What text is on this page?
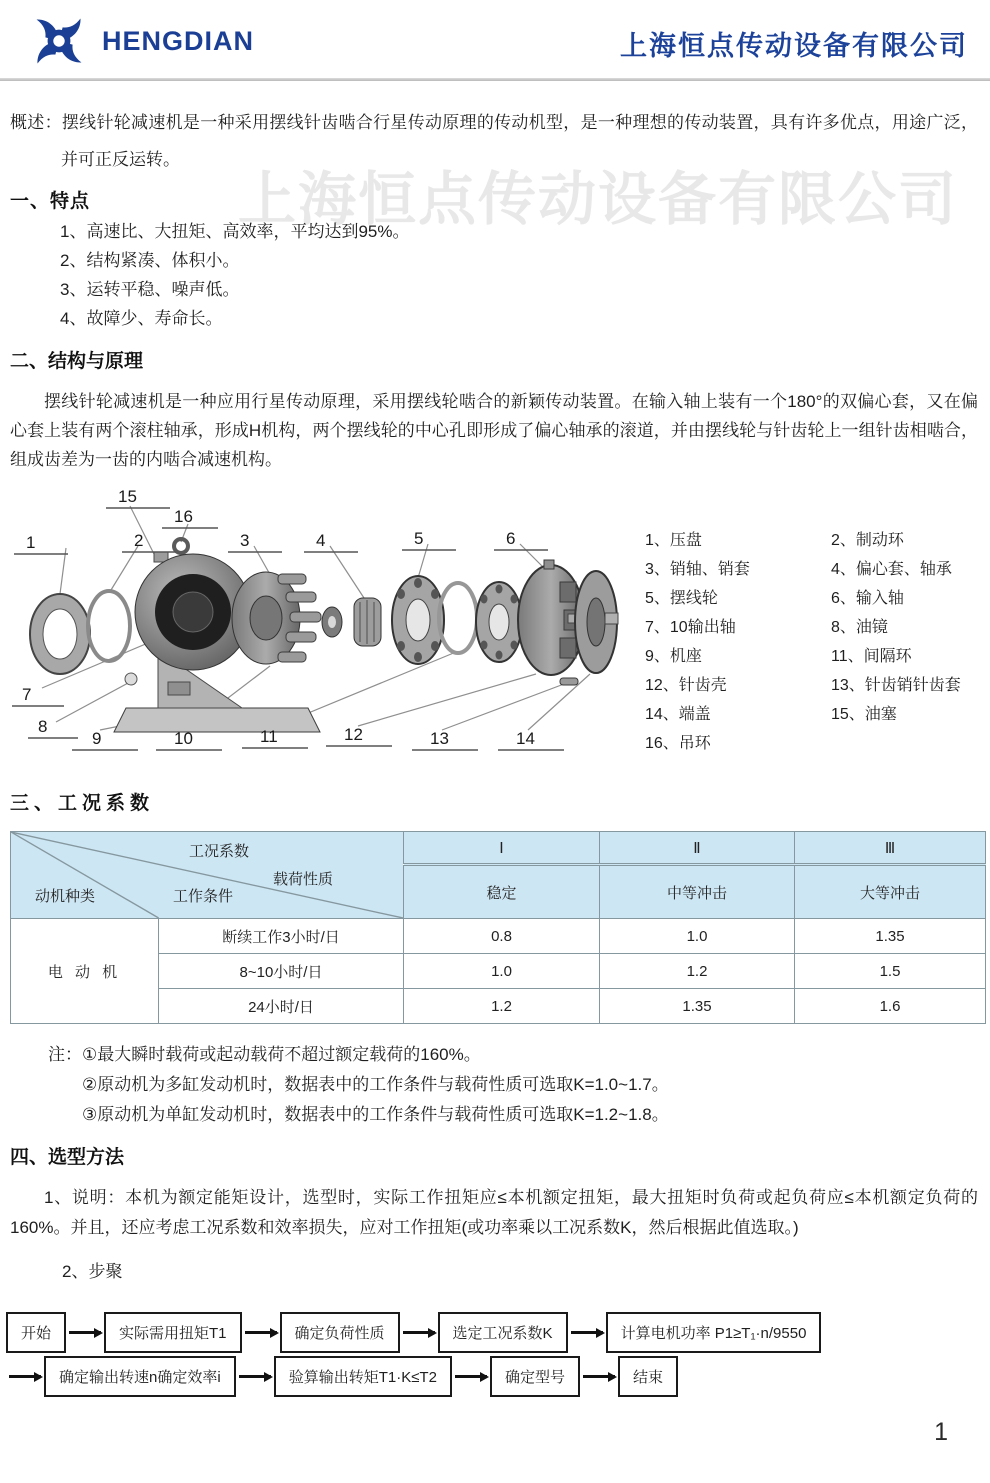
HENGDIAN	上海恒点传动设备有限公司
上海恒点传动设备有限公司

概述：摆线针轮减速机是一种采用摆线针齿啮合行星传动原理的传动机型，是一种理想的传动装置，具有许多优点，用途广泛，并可正反运转。

一、特点
1、高速比、大扭矩、高效率，平均达到95%。
2、结构紧凑、体积小。
3、运转平稳、噪声低。
4、故障少、寿命长。
二、结构与原理

摆线针轮减速机是一种应用行星传动原理，采用摆线轮啮合的新颖传动装置。在输入轴上装有一个180°的双偏心套，又在偏心套上装有两个滚柱轴承，形成H机构，两个摆线轮的中心孔即形成了偏心轴承的滚道，并由摆线轮与针齿轮上一组针齿相啮合，组成齿差为一齿的内啮合减速机构。

1	2	3	4	5	6
7
8
9	10	11	12	13	14
15
16
1、压盘	2、制动环
3、销轴、销套	4、偏心套、轴承
5、摆线轮	6、输入轴
7、10输出轴	8、油镜
9、机座	11、间隔环
12、针齿壳	13、针齿销针齿套
14、端盖	15、油塞
16、吊环
三、工况系数
工况系数
载荷性质
动机种类 工作条件		Ⅰ	Ⅱ	Ⅲ
		稳定	中等冲击	大等冲击
电 动 机	断续工作3小时/日	0.8	1.0	1.35
	8~10小时/日	1.0	1.2	1.5
	24小时/日	1.2	1.35	1.6
注： ①最大瞬时载荷或起动载荷不超过额定载荷的160%。
②原动机为多缸发动机时，数据表中的工作条件与载荷性质可选取K=1.0~1.7。
③原动机为单缸发动机时，数据表中的工作条件与载荷性质可选取K=1.2~1.8。
四、选型方法

1、说明：本机为额定能矩设计，选型时，实际工作扭矩应≤本机额定扭矩，最大扭矩时负荷或起负荷应≤本机额定负荷的160%。并且，还应考虑工况系数和效率损失，应对工作扭矩(或功率乘以工况系数K，然后根据此值选取。)

2、步聚
开始	实际需用扭矩T1	确定负荷性质	选定工况系数K	计算电机功率 P1≥T₁·n/9550
确定输出转速n确定效率i	验算输出转矩T1·K≤T2	确定型号	结束
1
